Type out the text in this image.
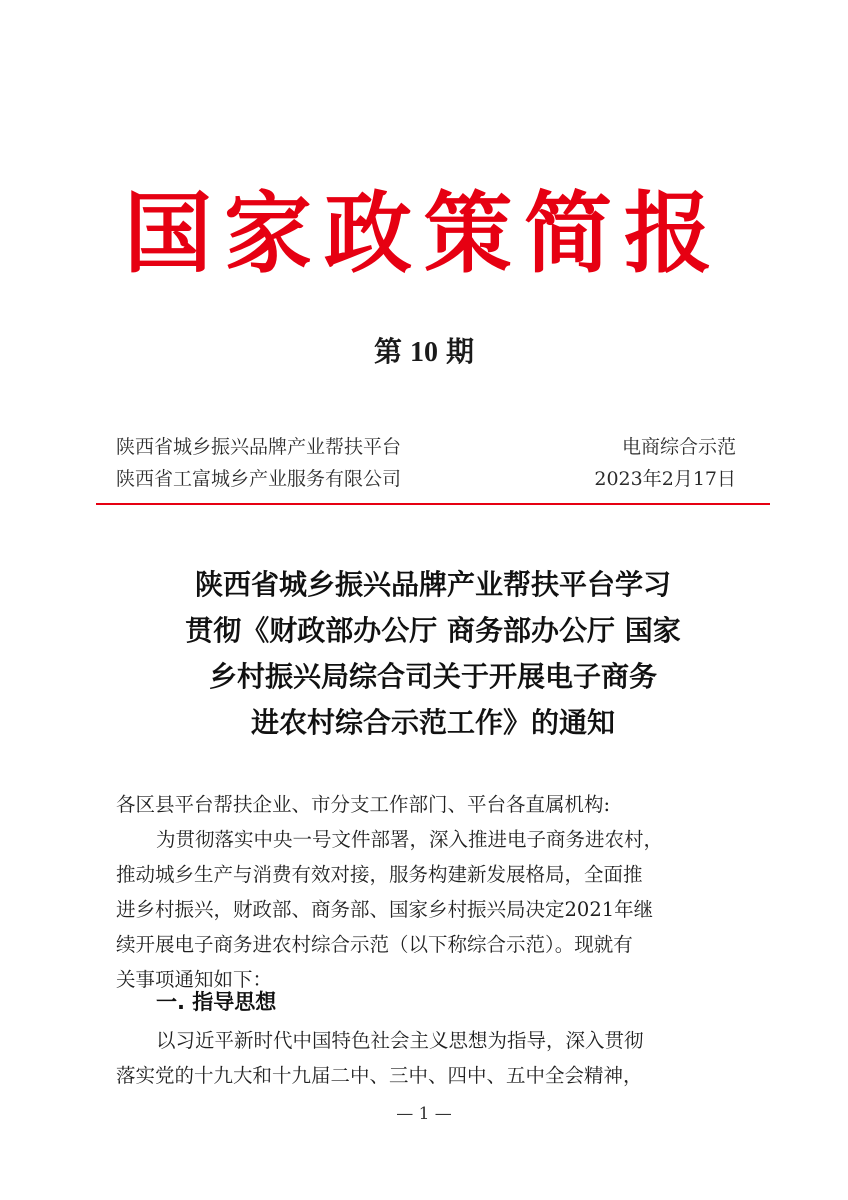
国家政策简报
第 10 期
陕西省城乡振兴品牌产业帮扶平台	电商综合示范
陕西省工富城乡产业服务有限公司	2023年2月17日
陕西省城乡振兴品牌产业帮扶平台学习
贯彻《财政部办公厅 商务部办公厅 国家
乡村振兴局综合司关于开展电子商务
进农村综合示范工作》的通知
各区县平台帮扶企业、市分支工作部门、平台各直属机构:
为贯彻落实中央一号文件部署，深入推进电子商务进农村，
推动城乡生产与消费有效对接，服务构建新发展格局，全面推
进乡村振兴，财政部、商务部、国家乡村振兴局决定2021年继
续开展电子商务进农村综合示范（以下称综合示范）。现就有
关事项通知如下：
一. 指导思想
以习近平新时代中国特色社会主义思想为指导，深入贯彻
落实党的十九大和十九届二中、三中、四中、五中全会精神，
— 1 —
